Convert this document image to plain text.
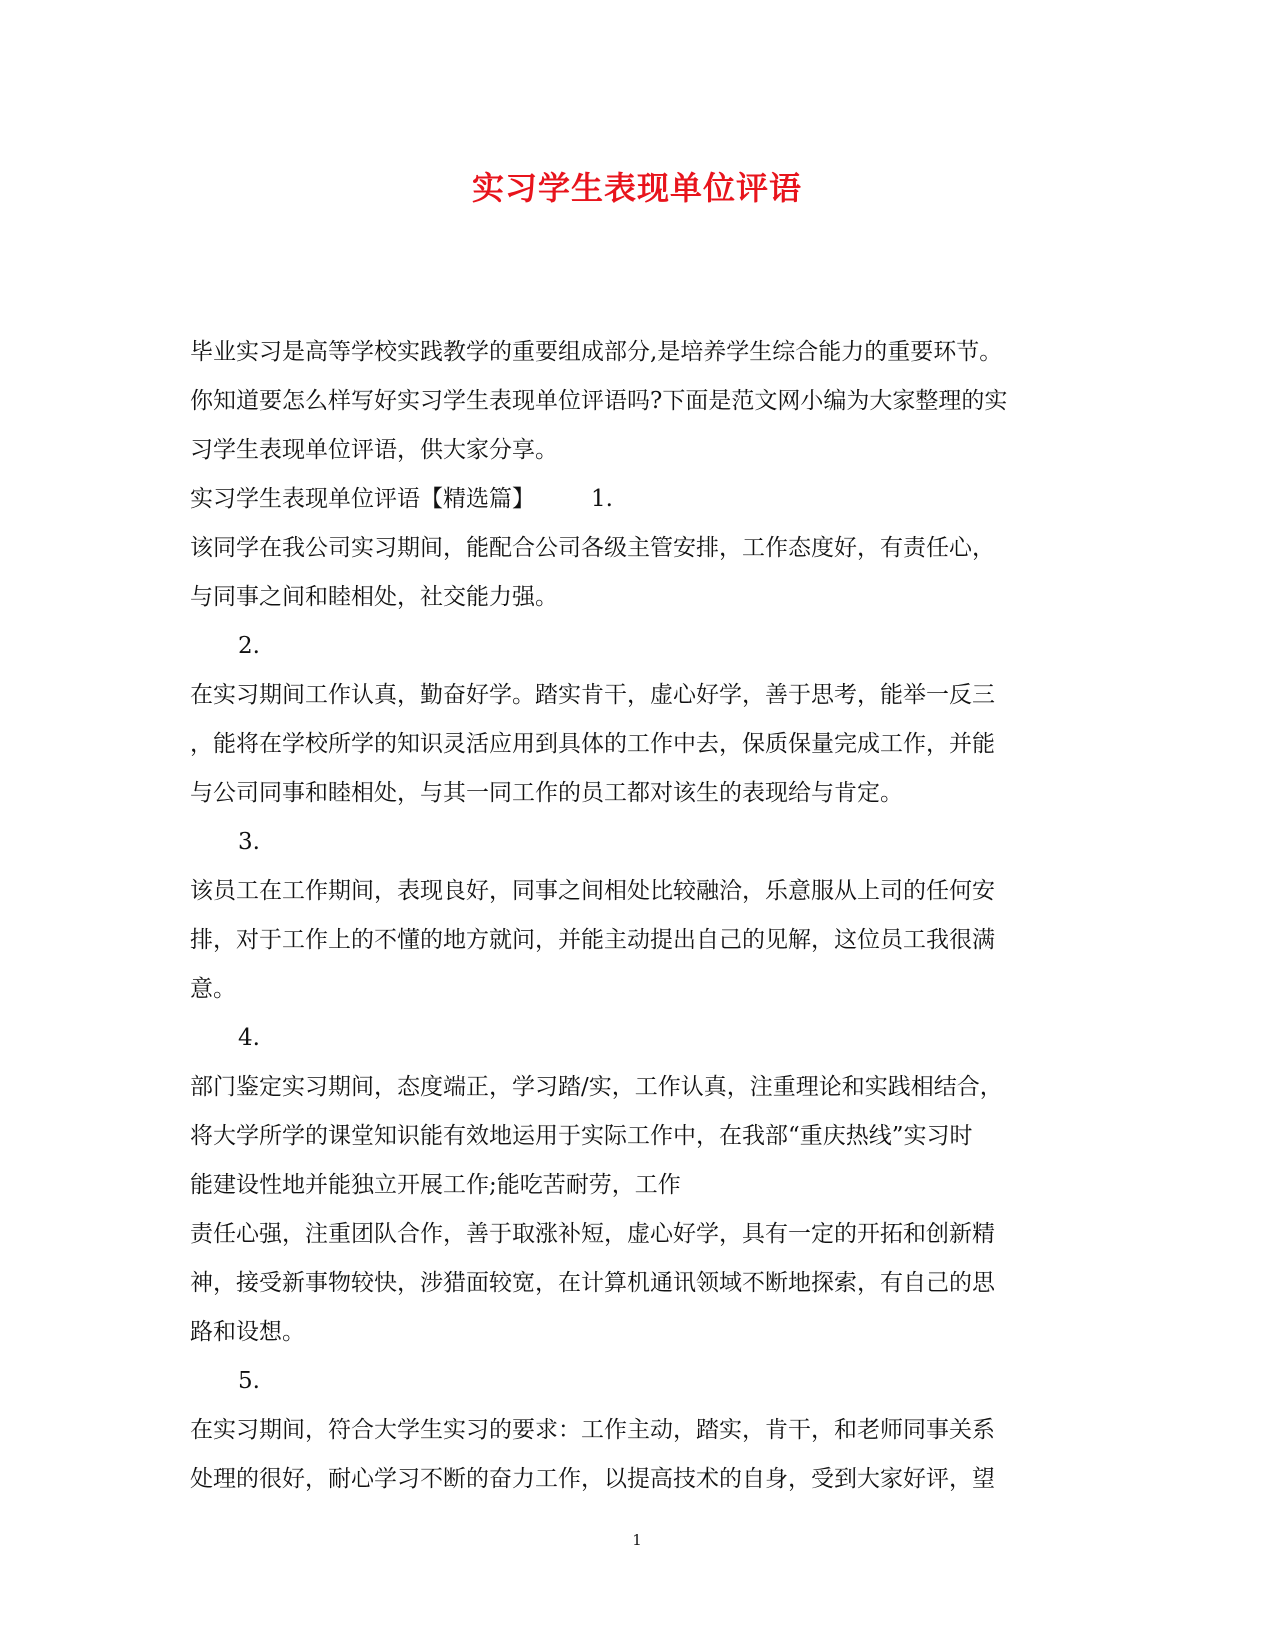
实习学生表现单位评语
毕业实习是高等学校实践教学的重要组成部分,是培养学生综合能力的重要环节。
你知道要怎么样写好实习学生表现单位评语吗?下面是范文网小编为大家整理的实
习学生表现单位评语，供大家分享。
实习学生表现单位评语【精选篇】 1.
该同学在我公司实习期间，能配合公司各级主管安排，工作态度好，有责任心，
与同事之间和睦相处，社交能力强。
2.
在实习期间工作认真，勤奋好学。踏实肯干，虚心好学，善于思考，能举一反三
，能将在学校所学的知识灵活应用到具体的工作中去，保质保量完成工作，并能
与公司同事和睦相处，与其一同工作的员工都对该生的表现给与肯定。
3.
该员工在工作期间，表现良好，同事之间相处比较融洽，乐意服从上司的任何安
排，对于工作上的不懂的地方就问，并能主动提出自己的见解，这位员工我很满
意。
4.
部门鉴定实习期间，态度端正，学习踏/实，工作认真，注重理论和实践相结合，
将大学所学的课堂知识能有效地运用于实际工作中，在我部“重庆热线”实习时
能建设性地并能独立开展工作;能吃苦耐劳，工作
责任心强，注重团队合作，善于取涨补短，虚心好学，具有一定的开拓和创新精
神，接受新事物较快，涉猎面较宽，在计算机通讯领域不断地探索，有自己的思
路和设想。
5.
在实习期间，符合大学生实习的要求：工作主动，踏实，肯干，和老师同事关系
处理的很好，耐心学习不断的奋力工作，以提高技术的自身，受到大家好评，望
1
